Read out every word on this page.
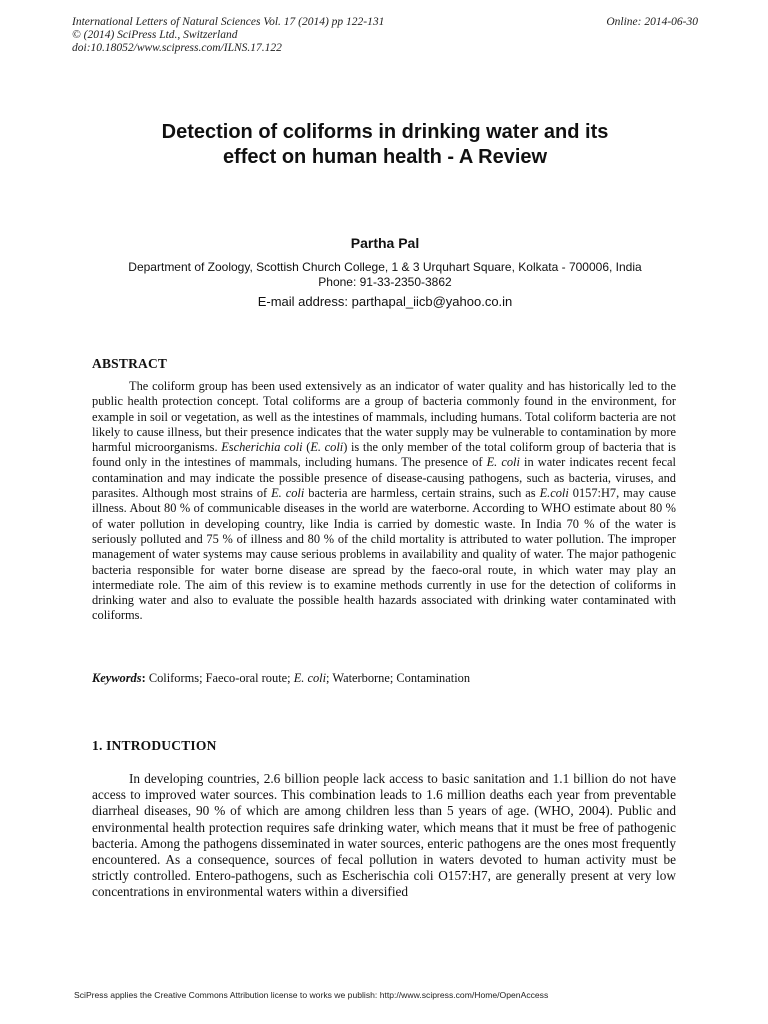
International Letters of Natural Sciences Vol. 17 (2014) pp 122-131	Online: 2014-06-30
© (2014) SciPress Ltd., Switzerland
doi:10.18052/www.scipress.com/ILNS.17.122
Detection of coliforms in drinking water and its
effect on human health - A Review
Partha Pal
Department of Zoology, Scottish Church College, 1 & 3 Urquhart Square, Kolkata - 700006, India
Phone: 91-33-2350-3862
E-mail address: parthapal_iicb@yahoo.co.in
ABSTRACT
The coliform group has been used extensively as an indicator of water quality and has historically led to the public health protection concept. Total coliforms are a group of bacteria commonly found in the environment, for example in soil or vegetation, as well as the intestines of mammals, including humans. Total coliform bacteria are not likely to cause illness, but their presence indicates that the water supply may be vulnerable to contamination by more harmful microorganisms. Escherichia coli (E. coli) is the only member of the total coliform group of bacteria that is found only in the intestines of mammals, including humans. The presence of E. coli in water indicates recent fecal contamination and may indicate the possible presence of disease-causing pathogens, such as bacteria, viruses, and parasites. Although most strains of E. coli bacteria are harmless, certain strains, such as E.coli 0157:H7, may cause illness. About 80 % of communicable diseases in the world are waterborne. According to WHO estimate about 80 % of water pollution in developing country, like India is carried by domestic waste. In India 70 % of the water is seriously polluted and 75 % of illness and 80 % of the child mortality is attributed to water pollution. The improper management of water systems may cause serious problems in availability and quality of water. The major pathogenic bacteria responsible for water borne disease are spread by the faeco-oral route, in which water may play an intermediate role. The aim of this review is to examine methods currently in use for the detection of coliforms in drinking water and also to evaluate the possible health hazards associated with drinking water contaminated with coliforms.
Keywords: Coliforms; Faeco-oral route; E. coli; Waterborne; Contamination
1. INTRODUCTION
In developing countries, 2.6 billion people lack access to basic sanitation and 1.1 billion do not have access to improved water sources. This combination leads to 1.6 million deaths each year from preventable diarrheal diseases, 90 % of which are among children less than 5 years of age. (WHO, 2004). Public and environmental health protection requires safe drinking water, which means that it must be free of pathogenic bacteria. Among the pathogens disseminated in water sources, enteric pathogens are the ones most frequently encountered. As a consequence, sources of fecal pollution in waters devoted to human activity must be strictly controlled. Entero-pathogens, such as Escherischia coli O157:H7, are generally present at very low concentrations in environmental waters within a diversified
SciPress applies the Creative Commons Attribution license to works we publish: http://www.scipress.com/Home/OpenAccess
